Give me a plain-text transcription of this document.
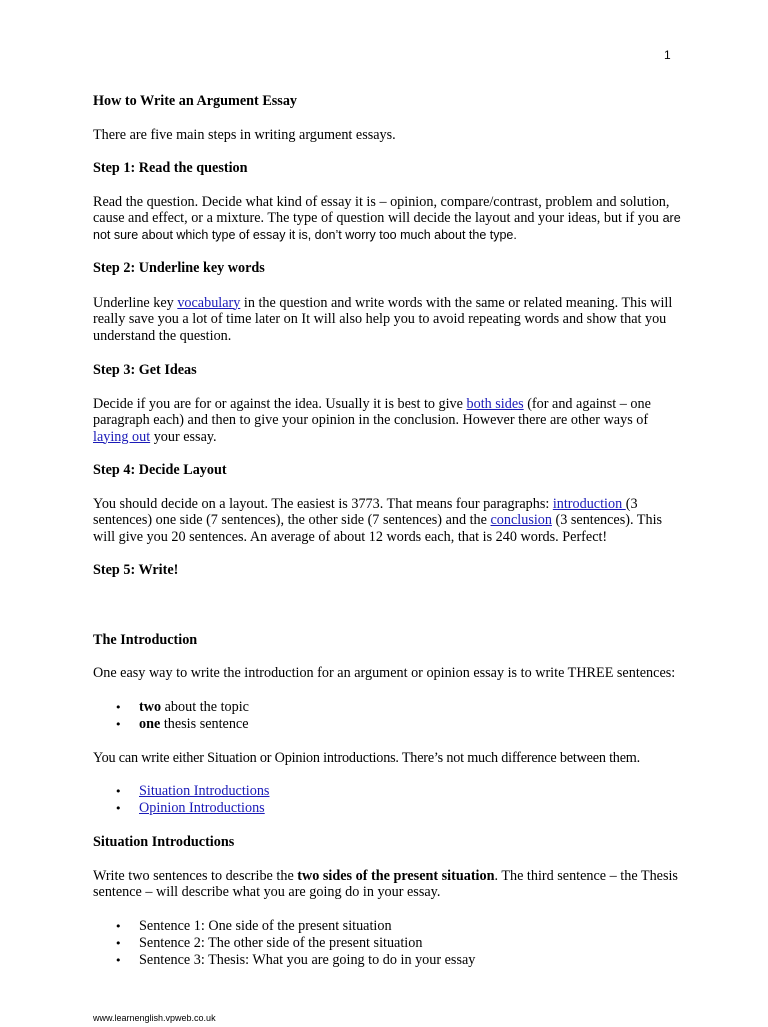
1
How to Write an Argument Essay

There are five main steps in writing argument essays.

Step 1: Read the question

Read the question. Decide what kind of essay it is – opinion, compare/contrast, problem and solution, cause and effect, or a mixture. The type of question will decide the layout and your ideas, but if you are not sure about which type of essay it is, don’t worry too much about the type.

Step 2: Underline key words

Underline key vocabulary in the question and write words with the same or related meaning. This will really save you a lot of time later on It will also help you to avoid repeating words and show that you understand the question.

Step 3: Get Ideas

Decide if you are for or against the idea. Usually it is best to give both sides (for and against – one paragraph each) and then to give your opinion in the conclusion. However there are other ways of laying out your essay.

Step 4: Decide Layout

You should decide on a layout. The easiest is 3773. That means four paragraphs: introduction (3 sentences) one side (7 sentences), the other side (7 sentences) and the conclusion (3 sentences). This will give you 20 sentences. An average of about 12 words each, that is 240 words. Perfect!

Step 5: Write!
The Introduction

One easy way to write the introduction for an argument or opinion essay is to write THREE sentences:

• two about the topic
• one thesis sentence

You can write either Situation or Opinion introductions. There’s not much difference between them.

• Situation Introductions
• Opinion Introductions
Situation Introductions

Write two sentences to describe the two sides of the present situation. The third sentence – the Thesis sentence – will describe what you are going do in your essay.

• Sentence 1: One side of the present situation
• Sentence 2: The other side of the present situation
• Sentence 3: Thesis: What you are going to do in your essay
www.learnenglish.vpweb.co.uk
